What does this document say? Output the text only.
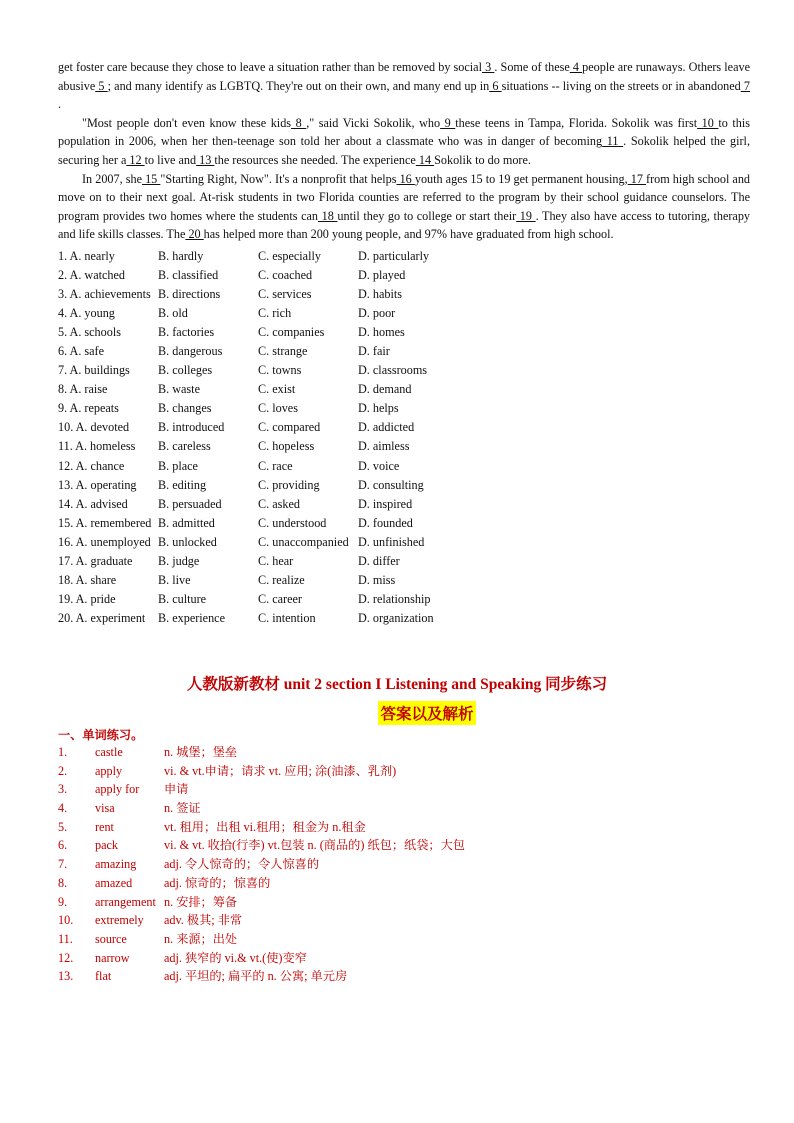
get foster care because they chose to leave a situation rather than be removed by social 3 . Some of these 4 people are runaways. Others leave abusive 5 ; and many identify as LGBTQ. They're out on their own, and many end up in 6 situations -- living on the streets or in abandoned 7 .

"Most people don't even know these kids 8 ," said Vicki Sokolik, who 9 these teens in Tampa, Florida. Sokolik was first 10 to this population in 2006, when her then-teenage son told her about a classmate who was in danger of becoming 11 . Sokolik helped the girl, securing her a 12 to live and 13 the resources she needed. The experience 14 Sokolik to do more.

In 2007, she 15 "Starting Right, Now". It's a nonprofit that helps 16 youth ages 15 to 19 get permanent housing, 17 from high school and move on to their next goal. At-risk students in two Florida counties are referred to the program by their school guidance counselors. The program provides two homes where the students can 18 until they go to college or start their 19 . They also have access to tutoring, therapy and life skills classes. The 20 has helped more than 200 young people, and 97% have graduated from high school.

1. A. nearly	B. hardly	C. especially	D. particularly
2. A. watched	B. classified	C. coached	D. played
3. A. achievements B. directions	C. services	D. habits
4. A. young	B. old	C. rich	D. poor
5. A. schools	B. factories	C. companies	D. homes
6. A. safe	B. dangerous	C. strange	D. fair
7. A. buildings B. colleges	C. towns	D. classrooms
8. A. raise	B. waste	C. exist	D. demand
9. A. repeats	B. changes	C. loves	D. helps
10. A. devoted B. introduced	C. compared	D. addicted
11. A. homeless B. careless	C. hopeless	D. aimless
12. A. chance	B. place	C. race	D. voice
13. A. operating B. editing	C. providing	D. consulting
14. A. advised B. persuaded	C. asked	D. inspired
15. A. remembered B. admitted	C. understood	D. founded
16. A. unemployed B. unlocked	C. unaccompanied D. unfinished
17. A. graduate B. judge	C. hear	D. differ
18. A. share	B. live	C. realize	D. miss
19. A. pride	B. culture	C. career	D. relationship
20. A. experiment B. experience	C. intention	D. organization
人教版新教材 unit 2 section I Listening and Speaking 同步练习
答案以及解析
一、单词练习。
1. castle	n. 城堡；堡垒
2. apply	vi. & vt.申请；请求 vt. 应用; 涂(油漆、乳剂)
3. apply for 申请
4. visa	n. 签证
5. rent	vt. 租用；出租 vi.租用；租金为 n.租金
6. pack	vi. & vt. 收拾(行李) vt.包装 n. (商品的) 纸包；纸袋；大包
7. amazing adj. 令人惊奇的；令人惊喜的
8. amazed	adj. 惊奇的；惊喜的
9. arrangement n. 安排；筹备
10. extremely adv. 极其; 非常
11. source	n. 来源；出处
12. narrow	adj. 狭窄的 vi.& vt.(使)变窄
13. flat	adj. 平坦的; 扁平的 n. 公寓; 单元房
